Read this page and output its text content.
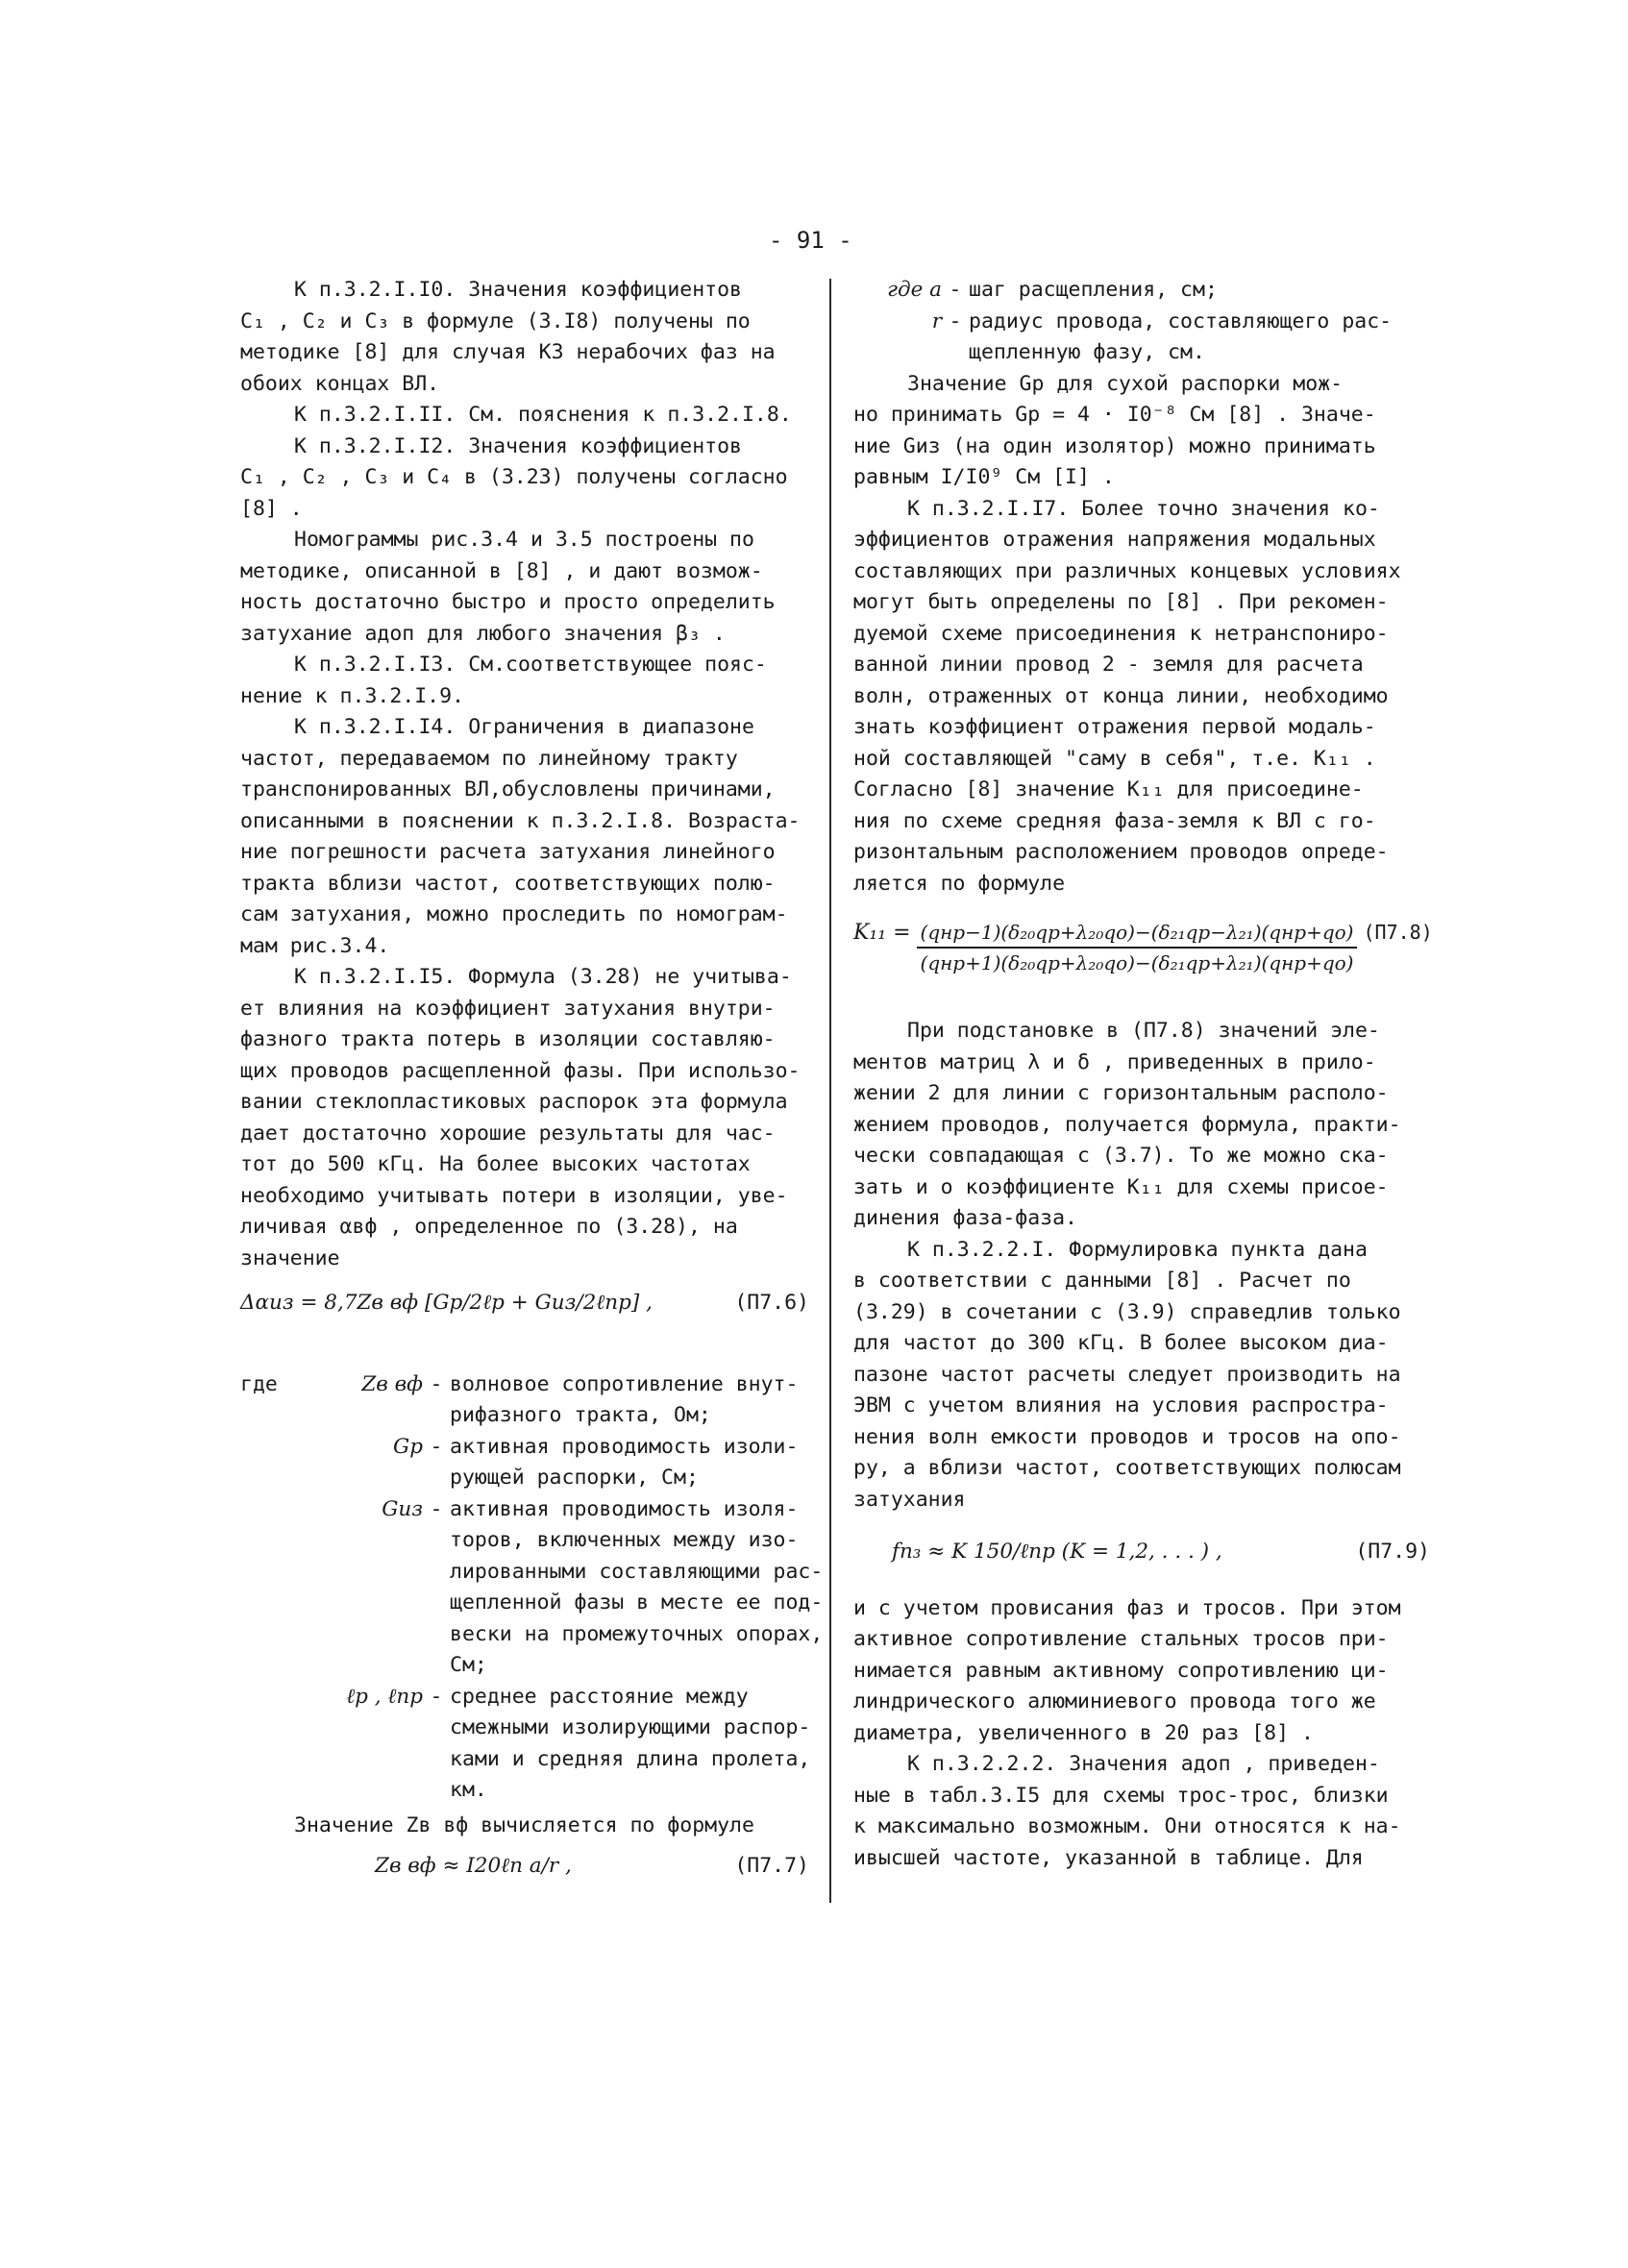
- 91 -
К п.3.2.I.I0. Значения коэффициентов
C₁ , C₂ и C₃ в формуле (3.I8) получены по
методике [8] для случая КЗ нерабочих фаз на
обоих концах ВЛ.
К п.3.2.I.II. См. пояснения к п.3.2.I.8.
К п.3.2.I.I2. Значения коэффициентов
C₁ , C₂ , C₃ и C₄ в (3.23) получены согласно
[8] .
Номограммы рис.3.4 и 3.5 построены по
методике, описанной в [8] , и дают возмож-
ность достаточно быстро и просто определить
затухание aдоп для любого значения β₃ .
К п.3.2.I.I3. См.соответствующее пояс-
нение к п.3.2.I.9.
К п.3.2.I.I4. Ограничения в диапазоне
частот, передаваемом по линейному тракту
транспонированных ВЛ,обусловлены причинами,
описанными в пояснении к п.3.2.I.8. Возраста-
ние погрешности расчета затухания линейного
тракта вблизи частот, соответствующих полю-
сам затухания, можно проследить по номограм-
мам рис.3.4.
К п.3.2.I.I5. Формула (3.28) не учитыва-
ет влияния на коэффициент затухания внутри-
фазного тракта потерь в изоляции составляю-
щих проводов расщепленной фазы. При использо-
вании стеклопластиковых распорок эта формула
дает достаточно хорошие результаты для час-
тот до 500 кГц. На более высоких частотах
необходимо учитывать потери в изоляции, уве-
личивая αвф , определенное по (3.28), на
значение
Δαиз = 8,7Zв вф [Gр/2ℓр + Gиз/2ℓпр] ,	(П7.6)
где	Zв вф - волновое сопротивление внут-
рифазного тракта, Ом;
Gр - активная проводимость изоли-
рующей распорки, См;
Gиз - активная проводимость изоля-
торов, включенных между изо-
лированными составляющими рас-
щепленной фазы в месте ее под-
вески на промежуточных опорах,
См;
ℓр , ℓпр - среднее расстояние между
смежными изолирующими распор-
ками и средняя длина пролета,
км.
Значение Zв вф вычисляется по формуле
Zв вф ≈ I20ℓn a/r ,	(П7.7)
где a - шаг расщепления, см;
r - радиус провода, составляющего рас-
щепленную фазу, см.
Значение Gр для сухой распорки мож-
но принимать Gр = 4 · I0⁻⁸ См [8] . Значе-
ние Gиз (на один изолятор) можно принимать
равным I/I0⁹ См [I] .
К п.3.2.I.I7. Более точно значения ко-
эффициентов отражения напряжения модальных
составляющих при различных концевых условиях
могут быть определены по [8] . При рекомен-
дуемой схеме присоединения к нетранспониро-
ванной линии провод 2 - земля для расчета
волн, отраженных от конца линии, необходимо
знать коэффициент отражения первой модаль-
ной составляющей "саму в себя", т.е. K₁₁ .
Согласно [8] значение K₁₁ для присоедине-
ния по схеме средняя фаза-земля к ВЛ с го-
ризонтальным расположением проводов опреде-
ляется по формуле
$K_{11} = \frac{\text{(qнр−1)(δ₂₀qр+λ₂₀qо)−(δ₂₁qр−λ₂₁)(qнр+qо)}}{\text{(qнр+1)(δ₂₀qр+λ₂₀qо)−(δ₂₁qр+λ₂₁)(qнр+qо)}} (П7.8)$
При подстановке в (П7.8) значений эле-
ментов матриц λ и δ , приведенных в прило-
жении 2 для линии с горизонтальным располо-
жением проводов, получается формула, практи-
чески совпадающая с (3.7). То же можно ска-
зать и о коэффициенте K₁₁ для схемы присое-
динения фаза-фаза.
К п.3.2.2.I. Формулировка пункта дана
в соответствии с данными [8] . Расчет по
(3.29) в сочетании с (3.9) справедлив только
для частот до 300 кГц. В более высоком диа-
пазоне частот расчеты следует производить на
ЭВМ с учетом влияния на условия распростра-
нения волн емкости проводов и тросов на опо-
ру, а вблизи частот, соответствующих полюсам
затухания
fп₃ ≈ K 150/ℓпр (K = 1,2, . . . ) ,	(П7.9)
и с учетом провисания фаз и тросов. При этом
активное сопротивление стальных тросов при-
нимается равным активному сопротивлению ци-
линдрического алюминиевого провода того же
диаметра, увеличенного в 20 раз [8] .
К п.3.2.2.2. Значения aдоп , приведен-
ные в табл.3.I5 для схемы трос-трос, близки
к максимально возможным. Они относятся к на-
ивысшей частоте, указанной в таблице. Для
